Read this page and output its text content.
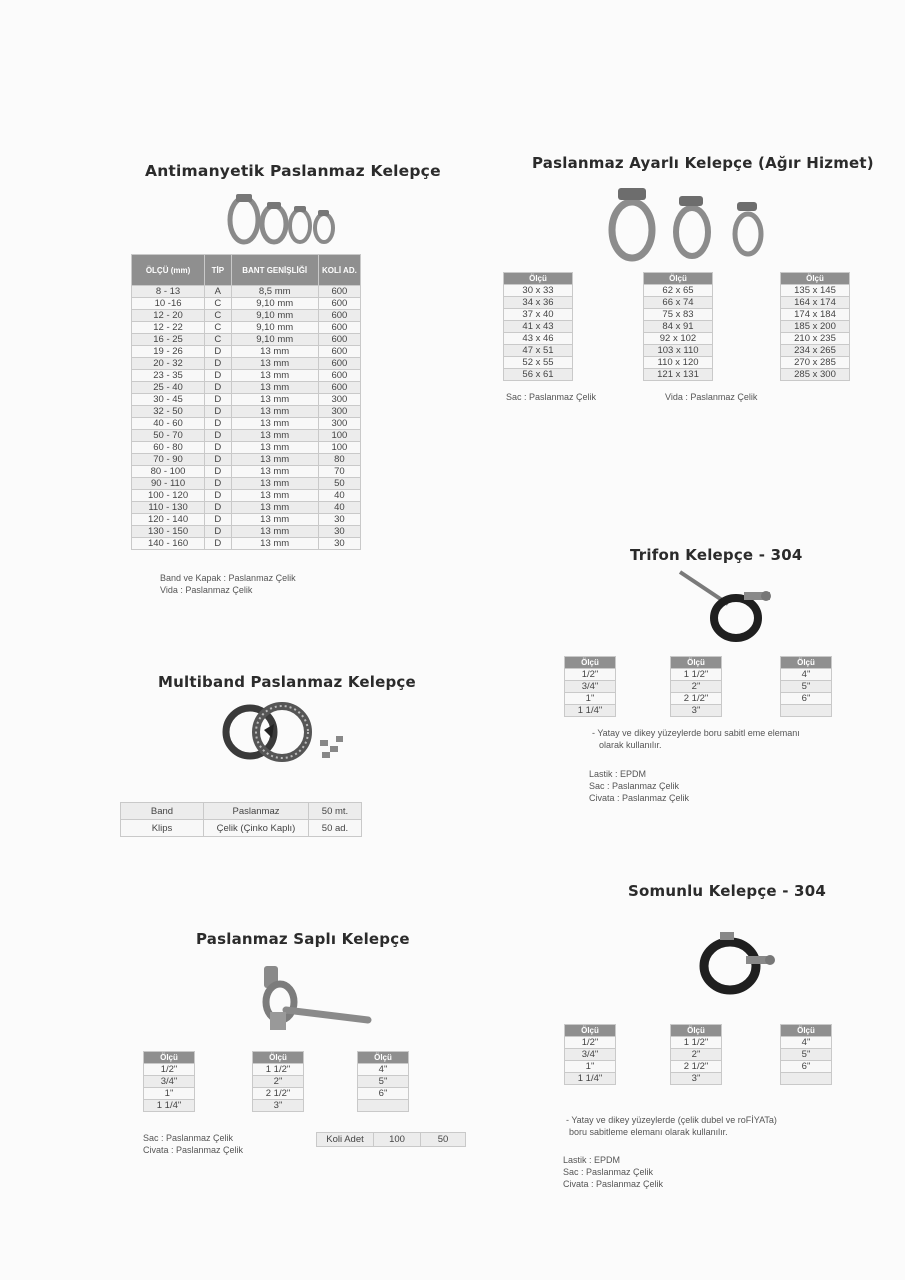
Antimanyetik Paslanmaz Kelepçe
ÖLÇÜ (mm)	TİP	BANT GENİŞLİĞİ	KOLİ AD.
8 - 13	A	8,5 mm	600
10 -16	C	9,10 mm	600
12 - 20	C	9,10 mm	600
12 - 22	C	9,10 mm	600
16 - 25	C	9,10 mm	600
19 - 26	D	13 mm	600
20 - 32	D	13 mm	600
23 - 35	D	13 mm	600
25 - 40	D	13 mm	600
30 - 45	D	13 mm	300
32 - 50	D	13 mm	300
40 - 60	D	13 mm	300
50 - 70	D	13 mm	100
60 - 80	D	13 mm	100
70 - 90	D	13 mm	80
80 - 100	D	13 mm	70
90 - 110	D	13 mm	50
100 - 120	D	13 mm	40
110 - 130	D	13 mm	40
120 - 140	D	13 mm	30
130 - 150	D	13 mm	30
140 - 160	D	13 mm	30
Band ve Kapak : Paslanmaz Çelik
Vida : Paslanmaz Çelik
Paslanmaz Ayarlı Kelepçe (Ağır Hizmet)
Ölçü
30 x 33
34 x 36
37 x 40
41 x 43
43 x 46
47 x 51
52 x 55
56 x 61
Ölçü
62 x 65
66 x 74
75 x 83
84 x 91
92 x 102
103 x 110
110 x 120
121 x 131
Ölçü
135 x 145
164 x 174
174 x 184
185 x 200
210 x 235
234 x 265
270 x 285
285 x 300
Sac : Paslanmaz Çelik	Vida : Paslanmaz Çelik
Trifon Kelepçe - 304
Ölçü
1/2"
3/4"
1"
1 1/4"
Ölçü
1 1/2"
2"
2 1/2"
3"
Ölçü
4"
5"
6"

- Yatay ve dikey yüzeylerde boru sabitl eme elemanı
olarak kullanılır.
Lastik : EPDM
Sac : Paslanmaz Çelik
Civata : Paslanmaz Çelik
Multiband Paslanmaz Kelepçe
Band	Paslanmaz	50 mt.
Klips	Çelik (Çinko Kaplı)	50 ad.
Somunlu Kelepçe - 304
Ölçü
1/2"
3/4"
1"
1 1/4"
Ölçü
1 1/2"
2"
2 1/2"
3"
Ölçü
4"
5"
6"

- Yatay ve dikey yüzeylerde (çelik dubel ve roFİYATa)
boru sabitleme elemanı olarak kullanılır.
Lastik : EPDM
Sac : Paslanmaz Çelik
Civata : Paslanmaz Çelik
Paslanmaz Saplı Kelepçe
Ölçü
1/2"
3/4"
1"
1 1/4"
Ölçü
1 1/2"
2"
2 1/2"
3"
Ölçü
4"
5"
6"

Sac : Paslanmaz Çelik
Civata : Paslanmaz Çelik
Koli Adet	100	50
